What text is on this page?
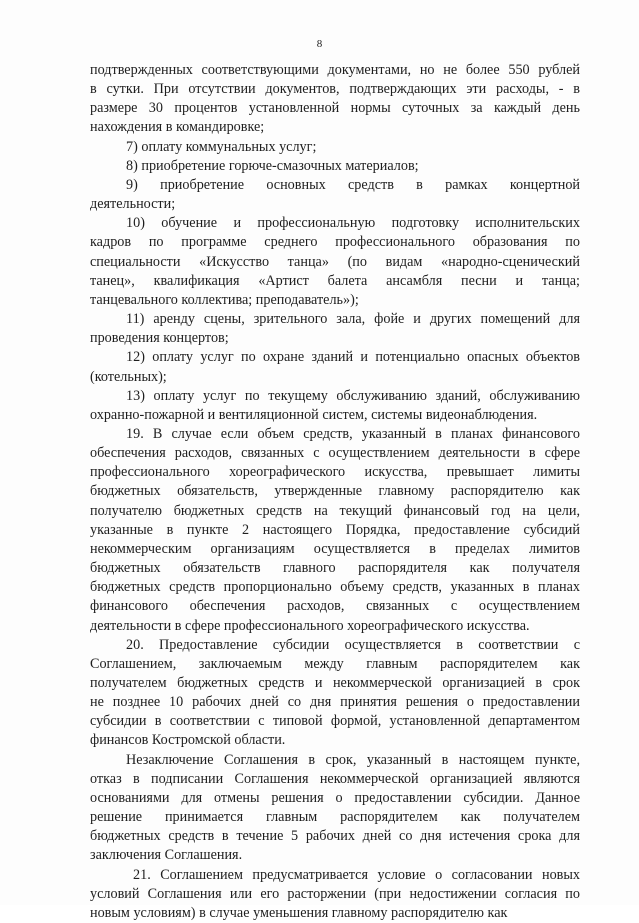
8

подтвержденных соответствующими документами, но не более 550 рублей

в сутки. При отсутствии документов, подтверждающих эти расходы, - в

размере 30 процентов установленной нормы суточных за каждый день

нахождения в командировке;

7) оплату коммунальных услуг;

8) приобретение горюче-смазочных материалов;

9) приобретение основных средств в рамках концертной

деятельности;

10) обучение и профессиональную подготовку исполнительских

кадров по программе среднего профессионального образования по

специальности «Искусство танца» (по видам «народно-сценический

танец», квалификация «Артист балета ансамбля песни и танца;

танцевального коллектива; преподаватель»);

11) аренду сцены, зрительного зала, фойе и других помещений для

проведения концертов;

12) оплату услуг по охране зданий и потенциально опасных объектов

(котельных);

13) оплату услуг по текущему обслуживанию зданий, обслуживанию

охранно-пожарной и вентиляционной систем, системы видеонаблюдения.

19. В случае если объем средств, указанный в планах финансового

обеспечения расходов, связанных с осуществлением деятельности в сфере

профессионального хореографического искусства, превышает лимиты

бюджетных обязательств, утвержденные главному распорядителю как

получателю бюджетных средств на текущий финансовый год на цели,

указанные в пункте 2 настоящего Порядка, предоставление субсидий

некоммерческим организациям осуществляется в пределах лимитов

бюджетных обязательств главного распорядителя как получателя

бюджетных средств пропорционально объему средств, указанных в планах

финансового обеспечения расходов, связанных с осуществлением

деятельности в сфере профессионального хореографического искусства.

20. Предоставление субсидии осуществляется в соответствии с

Соглашением, заключаемым между главным распорядителем как

получателем бюджетных средств и некоммерческой организацией в срок

не позднее 10 рабочих дней со дня принятия решения о предоставлении

субсидии в соответствии с типовой формой, установленной департаментом

финансов Костромской области.

Незаключение Соглашения в срок, указанный в настоящем пункте,

отказ в подписании Соглашения некоммерческой организацией являются

основаниями для отмены решения о предоставлении субсидии. Данное

решение принимается главным распорядителем как получателем

бюджетных средств в течение 5 рабочих дней со дня истечения срока для

заключения Соглашения.

21. Соглашением предусматривается условие о согласовании новых

условий Соглашения или его расторжении (при недостижении согласия по

новым условиям) в случае уменьшения главному распорядителю как
